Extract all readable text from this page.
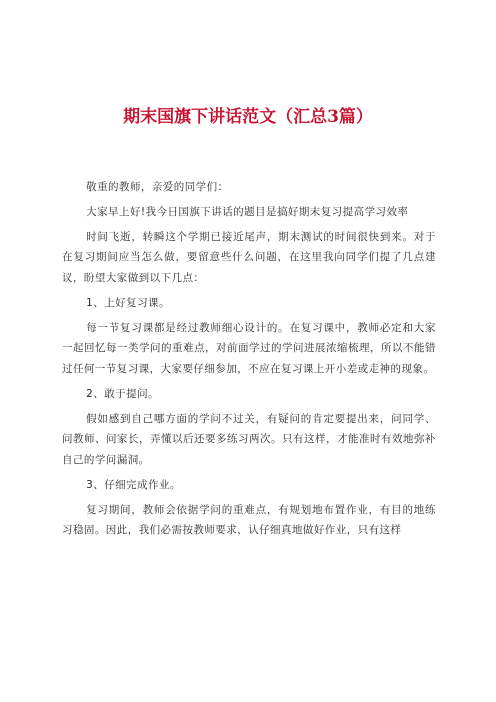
期末国旗下讲话范文（汇总3篇）

敬重的教师，亲爱的同学们：

大家早上好!我今日国旗下讲话的题目是搞好期末复习提高学习效率

时间飞逝，转瞬这个学期已接近尾声，期末测试的时间很快到来。对于在复习期间应当怎么做，要留意些什么问题，在这里我向同学们提了几点建议，盼望大家做到以下几点：

1、上好复习课。

每一节复习课都是经过教师细心设计的。在复习课中，教师必定和大家一起回忆每一类学问的重难点，对前面学过的学问进展浓缩梳理，所以不能错过任何一节复习课，大家要仔细参加，不应在复习课上开小差或走神的现象。

2、敢于提问。

假如感到自己哪方面的学问不过关，有疑问的肯定要提出来，问同学、问教师、问家长，弄懂以后还要多练习两次。只有这样，才能准时有效地弥补自己的学问漏洞。

3、仔细完成作业。

复习期间，教师会依据学问的重难点，有规划地布置作业，有目的地练习稳固。因此，我们必需按教师要求，认仔细真地做好作业，只有这样
